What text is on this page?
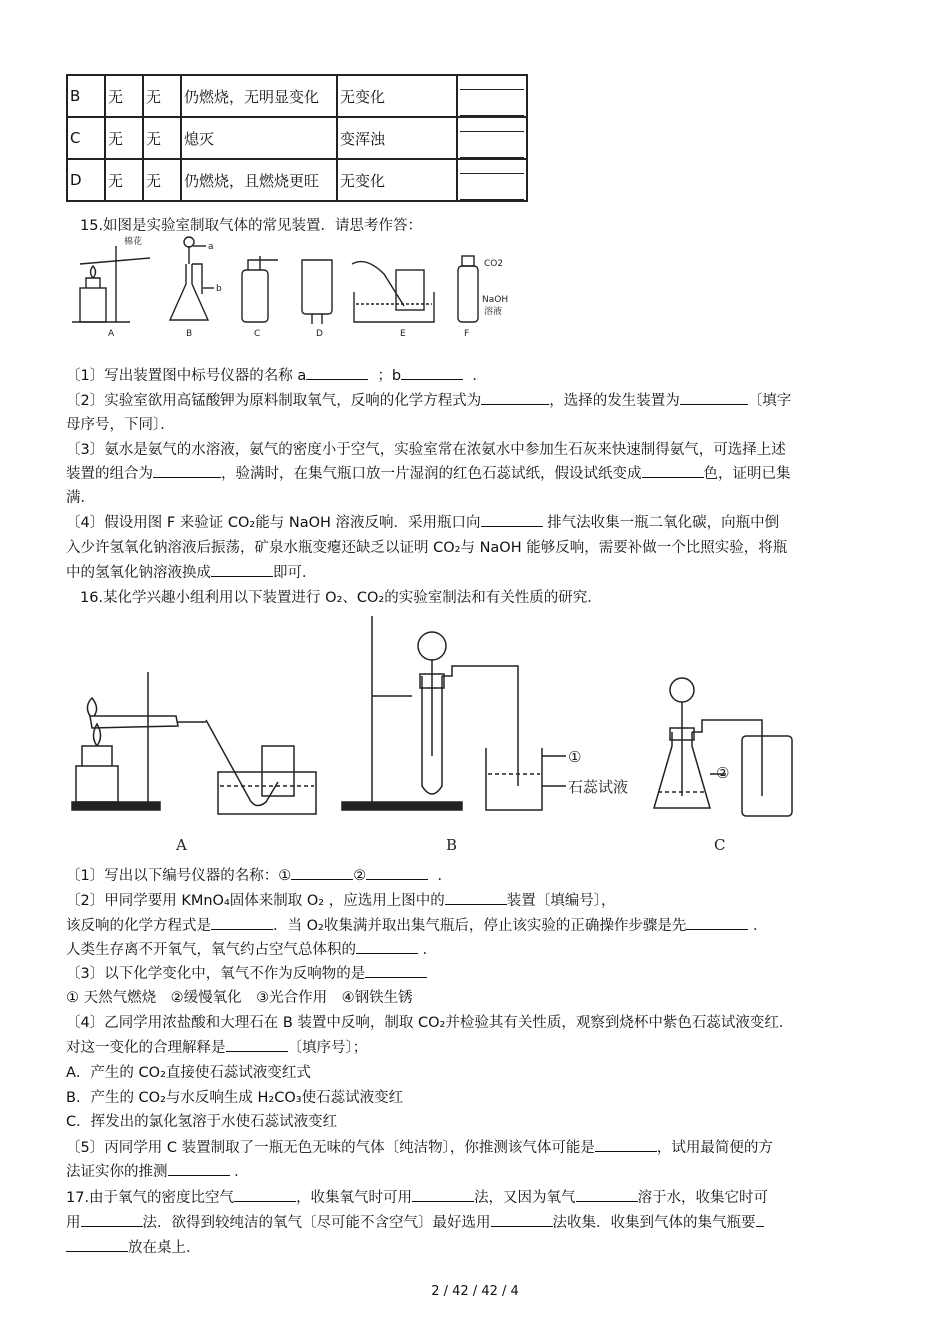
B	无	无	仍燃烧，无明显变化	无变化	

C	无	无	熄灭	变浑浊	

D	无	无	仍燃烧，且燃烧更旺	无变化	
15.如图是实验室制取气体的常见装置．请思考作答：
棉花	a
b
CO2
NaOH
溶液
A	B	C	D	E	F
〔1〕写出装置图中标号仪器的名称 a	；b	．
〔2〕实验室欲用高锰酸钾为原料制取氧气，反响的化学方程式为	，选择的发生装置为	〔填字
母序号，下同〕．
〔3〕氨水是氨气的水溶液，氨气的密度小于空气，实验室常在浓氨水中参加生石灰来快速制得氨气，可选择上述
装置的组合为	，验满时，在集气瓶口放一片湿润的红色石蕊试纸，假设试纸变成	色，证明已集
满．
〔4〕假设用图 F 来验证 CO₂能与 NaOH 溶液反响．采用瓶口向	排气法收集一瓶二氧化碳，向瓶中倒
入少许氢氧化钠溶液后振荡，矿泉水瓶变瘪还缺乏以证明 CO₂与 NaOH 能够反响，需要补做一个比照实验，将瓶
中的氢氧化钠溶液换成	即可．
16.某化学兴趣小组利用以下装置进行 O₂、CO₂的实验室制法和有关性质的研究．
①
石蕊试液
②
A	B	C
〔1〕写出以下编号仪器的名称：①	②	．
〔2〕甲同学要用 KMnO₄固体来制取 O₂ ，应选用上图中的	装置〔填编号〕，
该反响的化学方程式是	．当 O₂收集满并取出集气瓶后，停止该实验的正确操作步骤是先	．
人类生存离不开氧气，氧气约占空气总体积的	．
〔3〕以下化学变化中，氧气不作为反响物的是
① 天然气燃烧　②缓慢氧化　③光合作用　④钢铁生锈
〔4〕乙同学用浓盐酸和大理石在 B 装置中反响，制取 CO₂并检验其有关性质，观察到烧杯中紫色石蕊试液变红．
对这一变化的合理解释是	〔填序号〕；
A．产生的 CO₂直接使石蕊试液变红式
B．产生的 CO₂与水反响生成 H₂CO₃使石蕊试液变红
C．挥发出的氯化氢溶于水使石蕊试液变红
〔5〕丙同学用 C 装置制取了一瓶无色无味的气体〔纯洁物〕，你推测该气体可能是	，试用最简便的方
法证实你的推测	．
17.由于氧气的密度比空气	，收集氧气时可用	法，又因为氧气	溶于水，收集它时可
用	法．欲得到较纯洁的氧气〔尽可能不含空气〕最好选用	法收集．收集到气体的集气瓶要
放在桌上．
2 / 42 / 42 / 4
